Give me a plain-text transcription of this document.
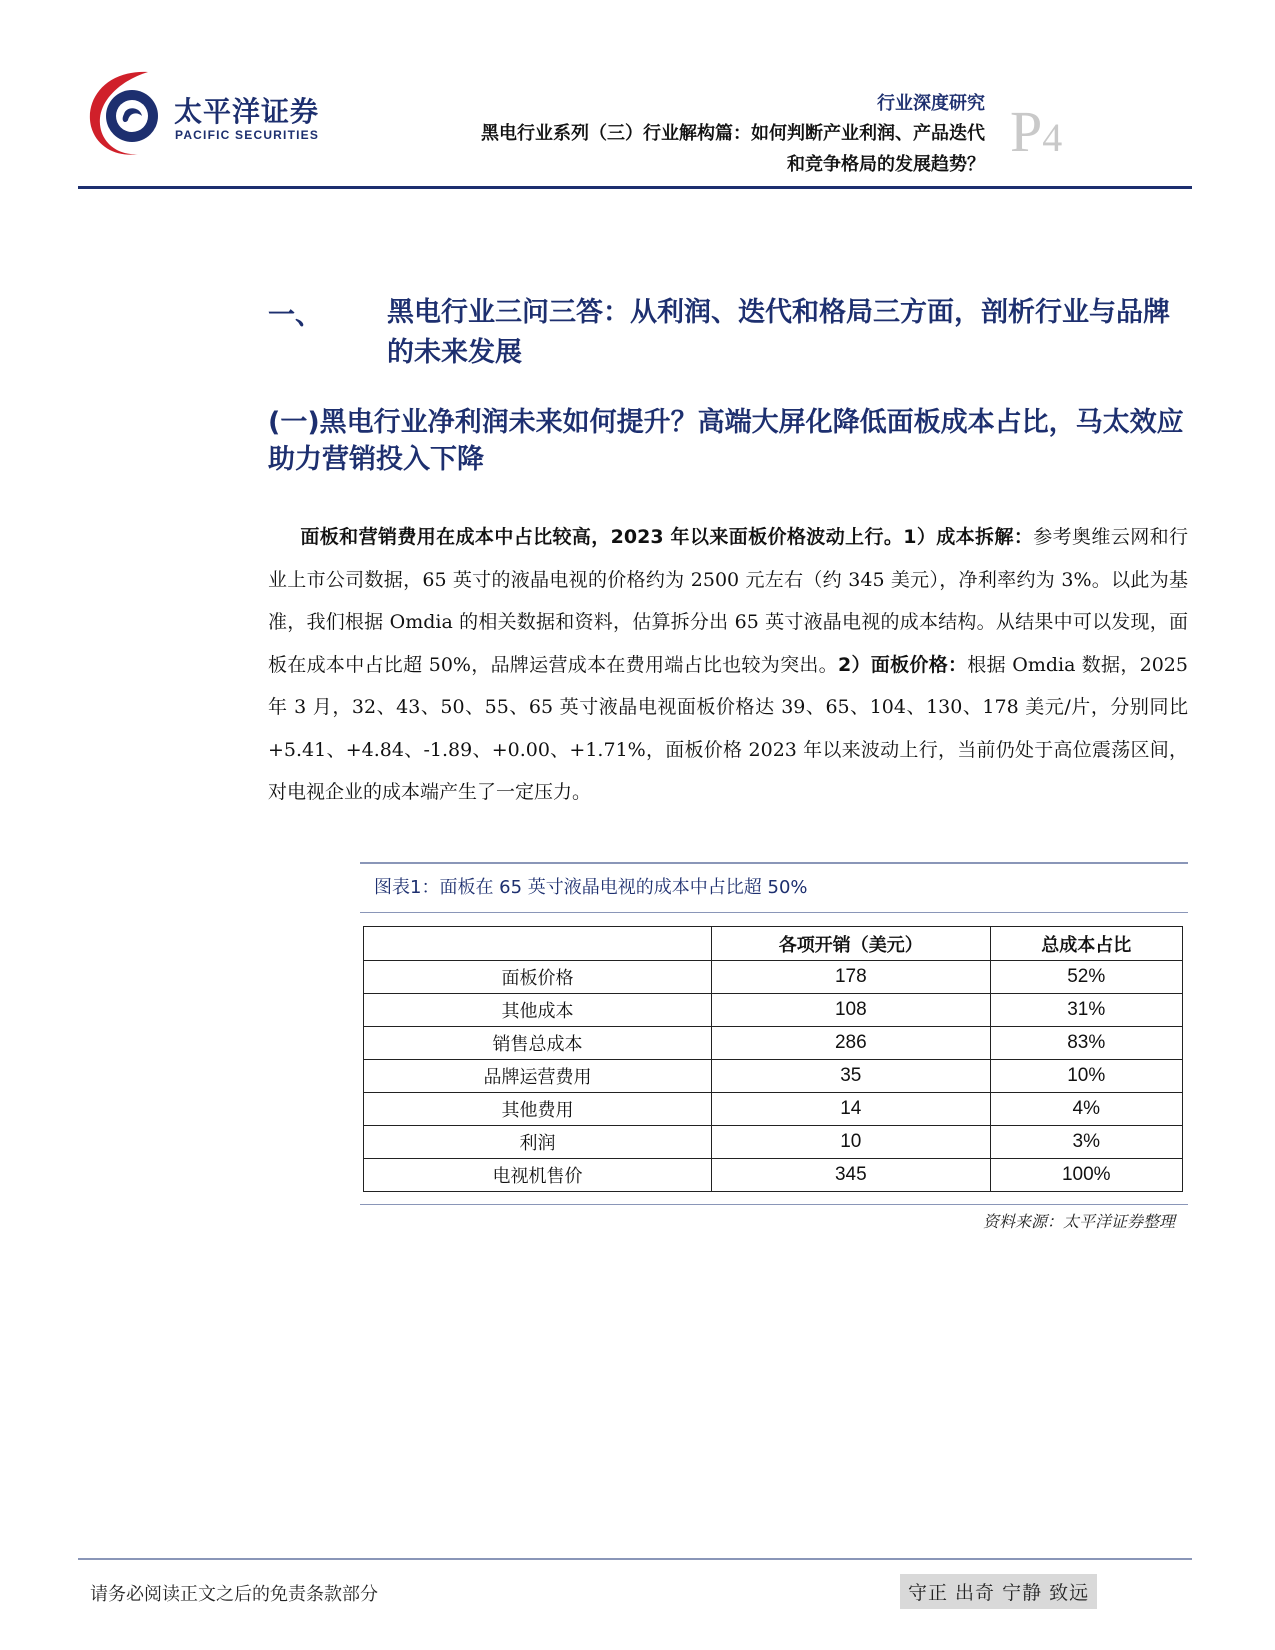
太平洋证券
PACIFIC SECURITIES
行业深度研究
黑电行业系列（三）行业解构篇：如何判断产业利润、产品迭代
和竞争格局的发展趋势？
P4
一、 黑电行业三问三答：从利润、迭代和格局三方面，剖析行业与品牌的未来发展
(一)黑电行业净利润未来如何提升？高端大屏化降低面板成本占比，马太效应助力营销投入下降
面板和营销费用在成本中占比较高，2023 年以来面板价格波动上行。1）成本拆解：参考奥维云网和行业上市公司数据，65 英寸的液晶电视的价格约为 2500 元左右（约 345 美元），净利率约为 3%。以此为基准，我们根据 Omdia 的相关数据和资料，估算拆分出 65 英寸液晶电视的成本结构。从结果中可以发现，面板在成本中占比超 50%，品牌运营成本在费用端占比也较为突出。2）面板价格：根据 Omdia 数据，2025 年 3 月，32、43、50、55、65 英寸液晶电视面板价格达 39、65、104、130、178 美元/片，分别同比+5.41、+4.84、-1.89、+0.00、+1.71%，面板价格 2023 年以来波动上行，当前仍处于高位震荡区间，对电视企业的成本端产生了一定压力。
图表1：面板在 65 英寸液晶电视的成本中占比超 50%
	各项开销（美元）	总成本占比
面板价格	178	52%
其他成本	108	31%
销售总成本	286	83%
品牌运营费用	35	10%
其他费用	14	4%
利润	10	3%
电视机售价	345	100%
资料来源：太平洋证券整理
请务必阅读正文之后的免责条款部分	守正 出奇 宁静 致远
